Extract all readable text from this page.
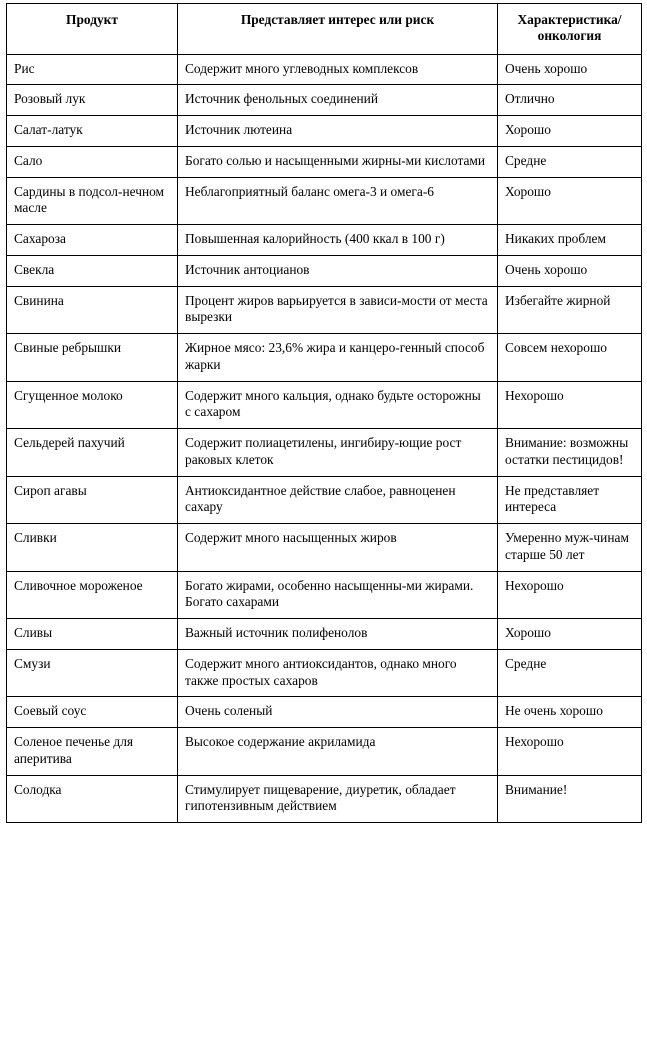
Продукт	Представляет интерес или риск	Характеристика/ онкология
Рис	Содержит много углеводных комплексов	Очень хорошо
Розовый лук	Источник фенольных соединений	Отлично
Салат-латук	Источник лютеина	Хорошо
Сало	Богато солью и насыщенными жирны-ми кислотами	Средне
Сардины в подсол-нечном масле	Неблагоприятный баланс омега-3 и омега-6	Хорошо
Сахароза	Повышенная калорийность (400 ккал в 100 г)	Никаких проблем
Свекла	Источник антоцианов	Очень хорошо
Свинина	Процент жиров варьируется в зависи-мости от места вырезки	Избегайте жирной
Свиные ребрышки	Жирное мясо: 23,6% жира и канцеро-генный способ жарки	Совсем нехорошо
Сгущенное молоко	Содержит много кальция, однако будьте осторожны с сахаром	Нехорошо
Сельдерей пахучий	Содержит полиацетилены, ингибиру-ющие рост раковых клеток	Внимание: возможны остатки пестицидов!
Сироп агавы	Антиоксидантное действие слабое, равноценен сахару	Не представляет интереса
Сливки	Содержит много насыщенных жиров	Умеренно муж-чинам старше 50 лет
Сливочное мороженое	Богато жирами, особенно насыщенны-ми жирами. Богато сахарами	Нехорошо
Сливы	Важный источник полифенолов	Хорошо
Смузи	Содержит много антиоксидантов, однако много также простых сахаров	Средне
Соевый соус	Очень соленый	Не очень хорошо
Соленое печенье для аперитива	Высокое содержание акриламида	Нехорошо
Солодка	Стимулирует пищеварение, диуретик, обладает гипотензивным действием	Внимание!
